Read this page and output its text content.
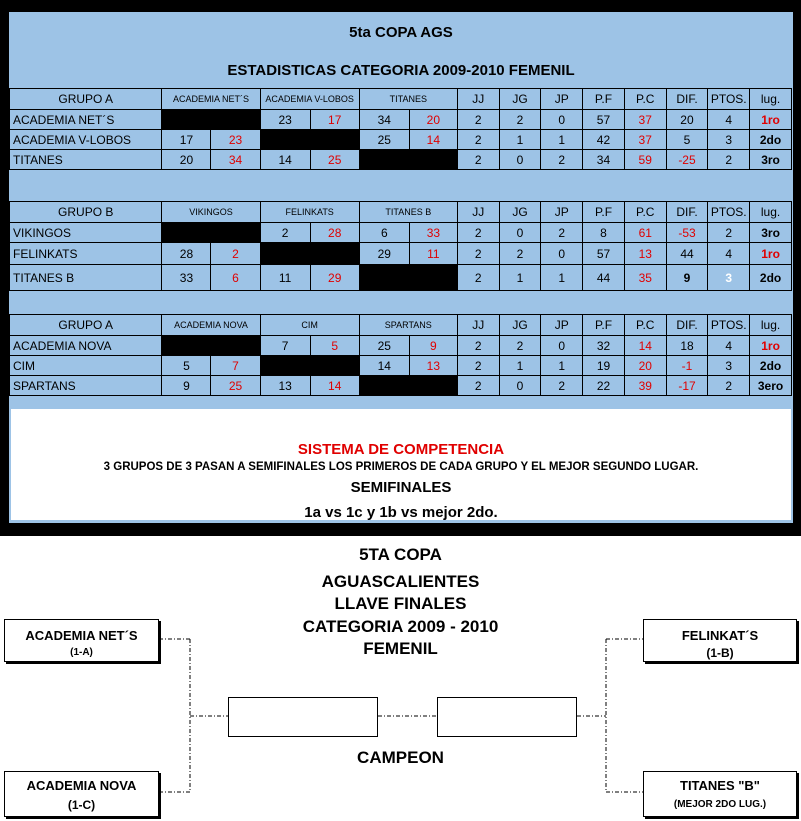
5ta COPA AGS
ESTADISTICAS CATEGORIA 2009-2010 FEMENIL
GRUPO A	ACADEMIA NET´S		ACADEMIA V-LOBOS		TITANES		JJ	JG	JP	P.F	P.C	DIF.	PTOS.	lug.
ACADEMIA NET´S			23	17	34	20	2	2	0	57	37	20	4	1ro
ACADEMIA V-LOBOS	17	23			25	14	2	1	1	42	37	5	3	2do
TITANES	20	34	14	25			2	0	2	34	59	-25	2	3ro
GRUPO B	VIKINGOS		FELINKATS		TITANES B		JJ	JG	JP	P.F	P.C	DIF.	PTOS.	lug.
VIKINGOS			2	28	6	33	2	0	2	8	61	-53	2	3ro
FELINKATS	28	2			29	11	2	2	0	57	13	44	4	1ro
TITANES B	33	6	11	29			2	1	1	44	35	9	3	2do
GRUPO A	ACADEMIA NOVA		CIM		SPARTANS		JJ	JG	JP	P.F	P.C	DIF.	PTOS.	lug.
ACADEMIA NOVA			7	5	25	9	2	2	0	32	14	18	4	1ro
CIM	5	7			14	13	2	1	1	19	20	-1	3	2do
SPARTANS	9	25	13	14			2	0	2	22	39	-17	2	3ero
SISTEMA DE COMPETENCIA
3 GRUPOS DE 3 PASAN A SEMIFINALES LOS PRIMEROS DE CADA GRUPO Y EL MEJOR SEGUNDO LUGAR.
SEMIFINALES
1a vs 1c y 1b vs mejor 2do.
5TA COPA
AGUASCALIENTES
LLAVE FINALES
CATEGORIA 2009 - 2010
FEMENIL
ACADEMIA NET´S
(1-A)
ACADEMIA NOVA
(1-C)
FELINKAT´S
(1-B)
TITANES "B"
(MEJOR 2DO LUG.)
CAMPEON
